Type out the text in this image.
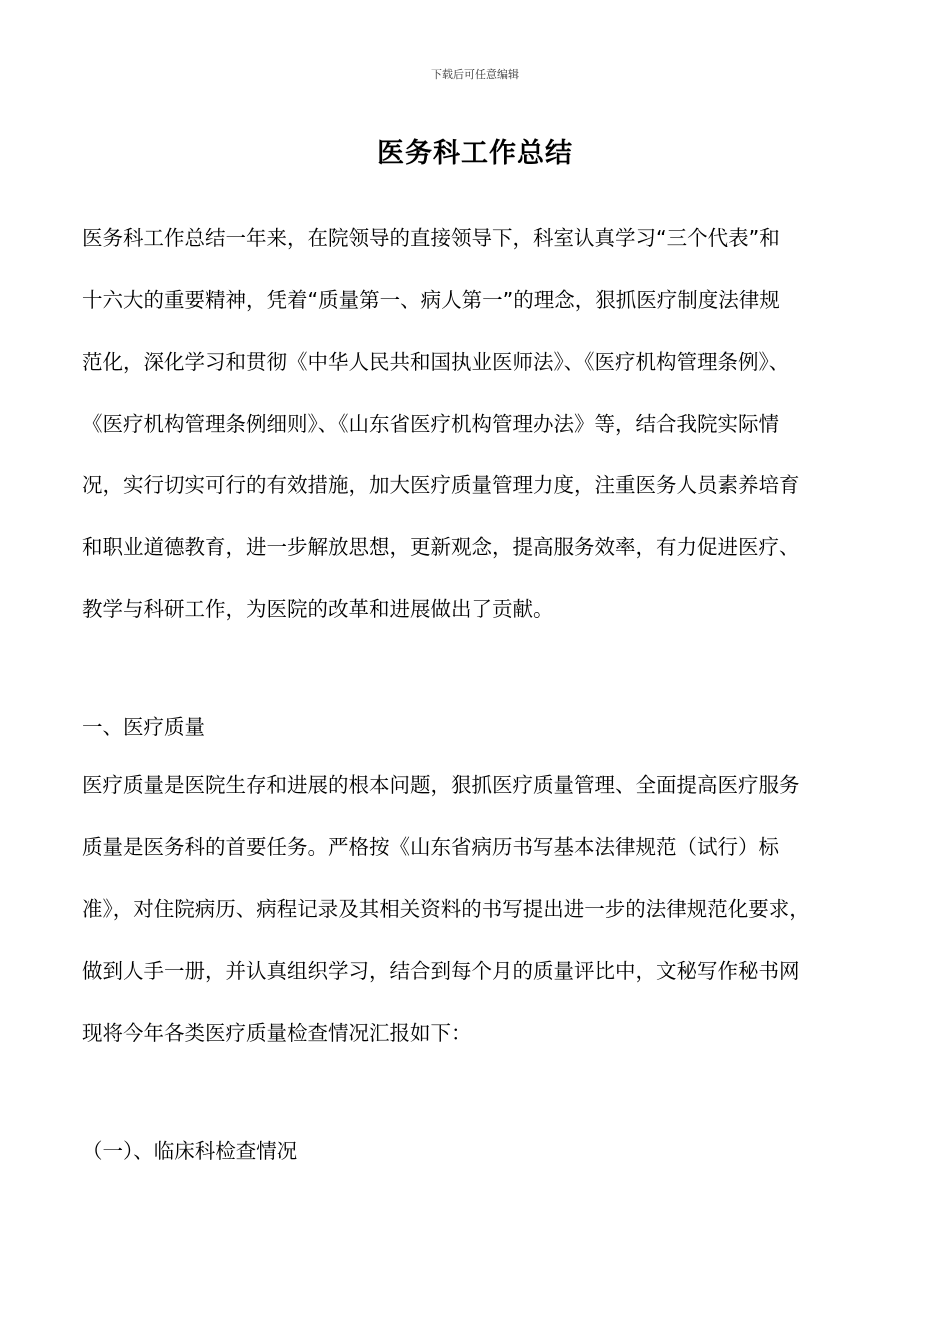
下载后可任意编辑
医务科工作总结
医务科工作总结一年来，在院领导的直接领导下，科室认真学习“三个代表”和
十六大的重要精神，凭着“质量第一、病人第一”的理念，狠抓医疗制度法律规
范化，深化学习和贯彻《中华人民共和国执业医师法》、《医疗机构管理条例》、
《医疗机构管理条例细则》、《山东省医疗机构管理办法》等，结合我院实际情
况，实行切实可行的有效措施，加大医疗质量管理力度，注重医务人员素养培育
和职业道德教育，进一步解放思想，更新观念，提高服务效率，有力促进医疗、
教学与科研工作，为医院的改革和进展做出了贡献。
一、医疗质量
医疗质量是医院生存和进展的根本问题，狠抓医疗质量管理、全面提高医疗服务
质量是医务科的首要任务。严格按《山东省病历书写基本法律规范（试行）标
准》，对住院病历、病程记录及其相关资料的书写提出进一步的法律规范化要求，
做到人手一册，并认真组织学习，结合到每个月的质量评比中，文秘写作秘书网
现将今年各类医疗质量检查情况汇报如下：
（一）、临床科检查情况
